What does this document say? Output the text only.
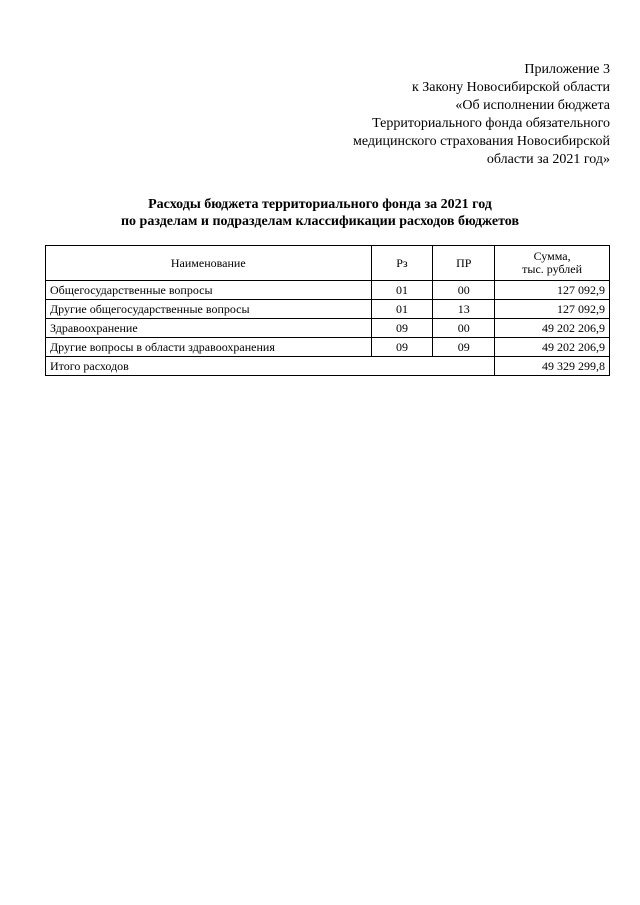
Приложение 3
к Закону Новосибирской области
«Об исполнении бюджета
Территориального фонда обязательного
медицинского страхования Новосибирской
области за 2021 год»
Расходы бюджета территориального фонда за 2021 год
по разделам и подразделам классификации расходов бюджетов
Наименование	Рз	ПР	Сумма,
тыс. рублей

Общегосударственные вопросы	01	00	127 092,9
Другие общегосударственные вопросы	01	13	127 092,9
Здравоохранение	09	00	49 202 206,9
Другие вопросы в области здравоохранения	09	09	49 202 206,9
Итого расходов			49 329 299,8
